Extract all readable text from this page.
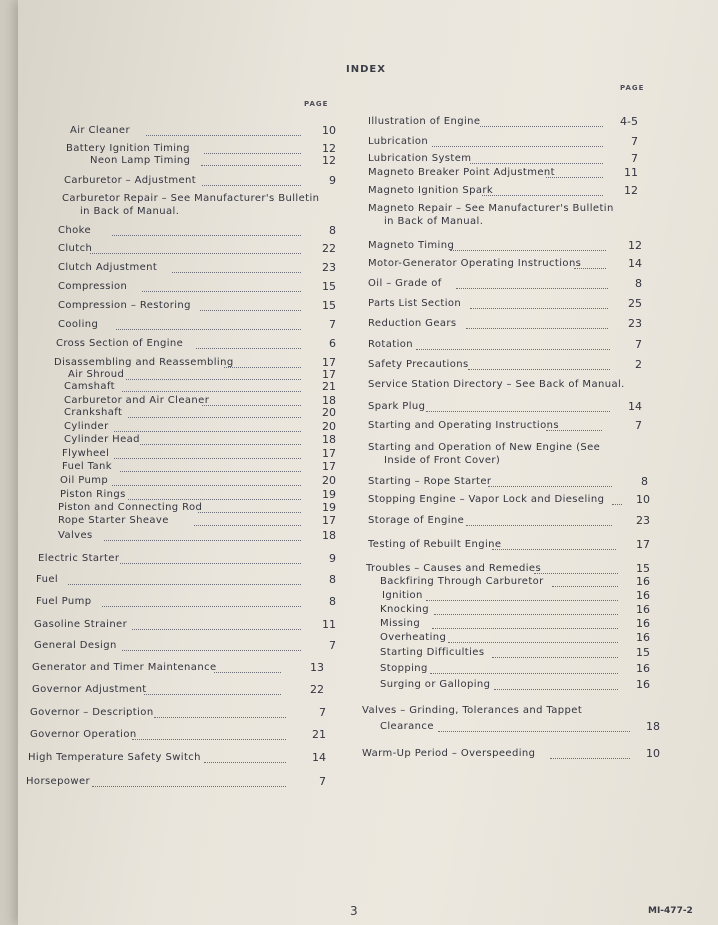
INDEX
PAGE
PAGE
Air Cleaner	10
Battery Ignition Timing	12
Neon Lamp Timing	12
Carburetor – Adjustment	9
Carburetor Repair – See Manufacturer's Bulletin
in Back of Manual.
Choke	8
Clutch	22
Clutch Adjustment	23
Compression	15
Compression – Restoring	15
Cooling	7
Cross Section of Engine	6
Disassembling and Reassembling	17
Air Shroud	17
Camshaft	21
Carburetor and Air Cleaner	18
Crankshaft	20
Cylinder	20
Cylinder Head	18
Flywheel	17
Fuel Tank	17
Oil Pump	20
Piston Rings	19
Piston and Connecting Rod	19
Rope Starter Sheave	17
Valves	18
Electric Starter	9
Fuel	8
Fuel Pump	8
Gasoline Strainer	11
General Design	7
Generator and Timer Maintenance	13
Governor Adjustment	22
Governor – Description	7
Governor Operation	21
High Temperature Safety Switch	14
Horsepower	7
Illustration of Engine	4-5
Lubrication	7
Lubrication System	7
Magneto Breaker Point Adjustment	11
Magneto Ignition Spark	12
Magneto Repair – See Manufacturer's Bulletin
in Back of Manual.
Magneto Timing	12
Motor-Generator Operating Instructions	14
Oil – Grade of	8
Parts List Section	25
Reduction Gears	23
Rotation	7
Safety Precautions	2
Service Station Directory – See Back of Manual.
Spark Plug	14
Starting and Operating Instructions	7
Starting and Operation of New Engine (See
Inside of Front Cover)
Starting – Rope Starter	8
Stopping Engine – Vapor Lock and Dieseling	10
Storage of Engine	23
Testing of Rebuilt Engine	17
Troubles – Causes and Remedies	15
Backfiring Through Carburetor	16
Ignition	16
Knocking	16
Missing	16
Overheating	16
Starting Difficulties	15
Stopping	16
Surging or Galloping	16
Valves – Grinding, Tolerances and Tappet
Clearance	18
Warm-Up Period – Overspeeding	10
3	MI-477-2
